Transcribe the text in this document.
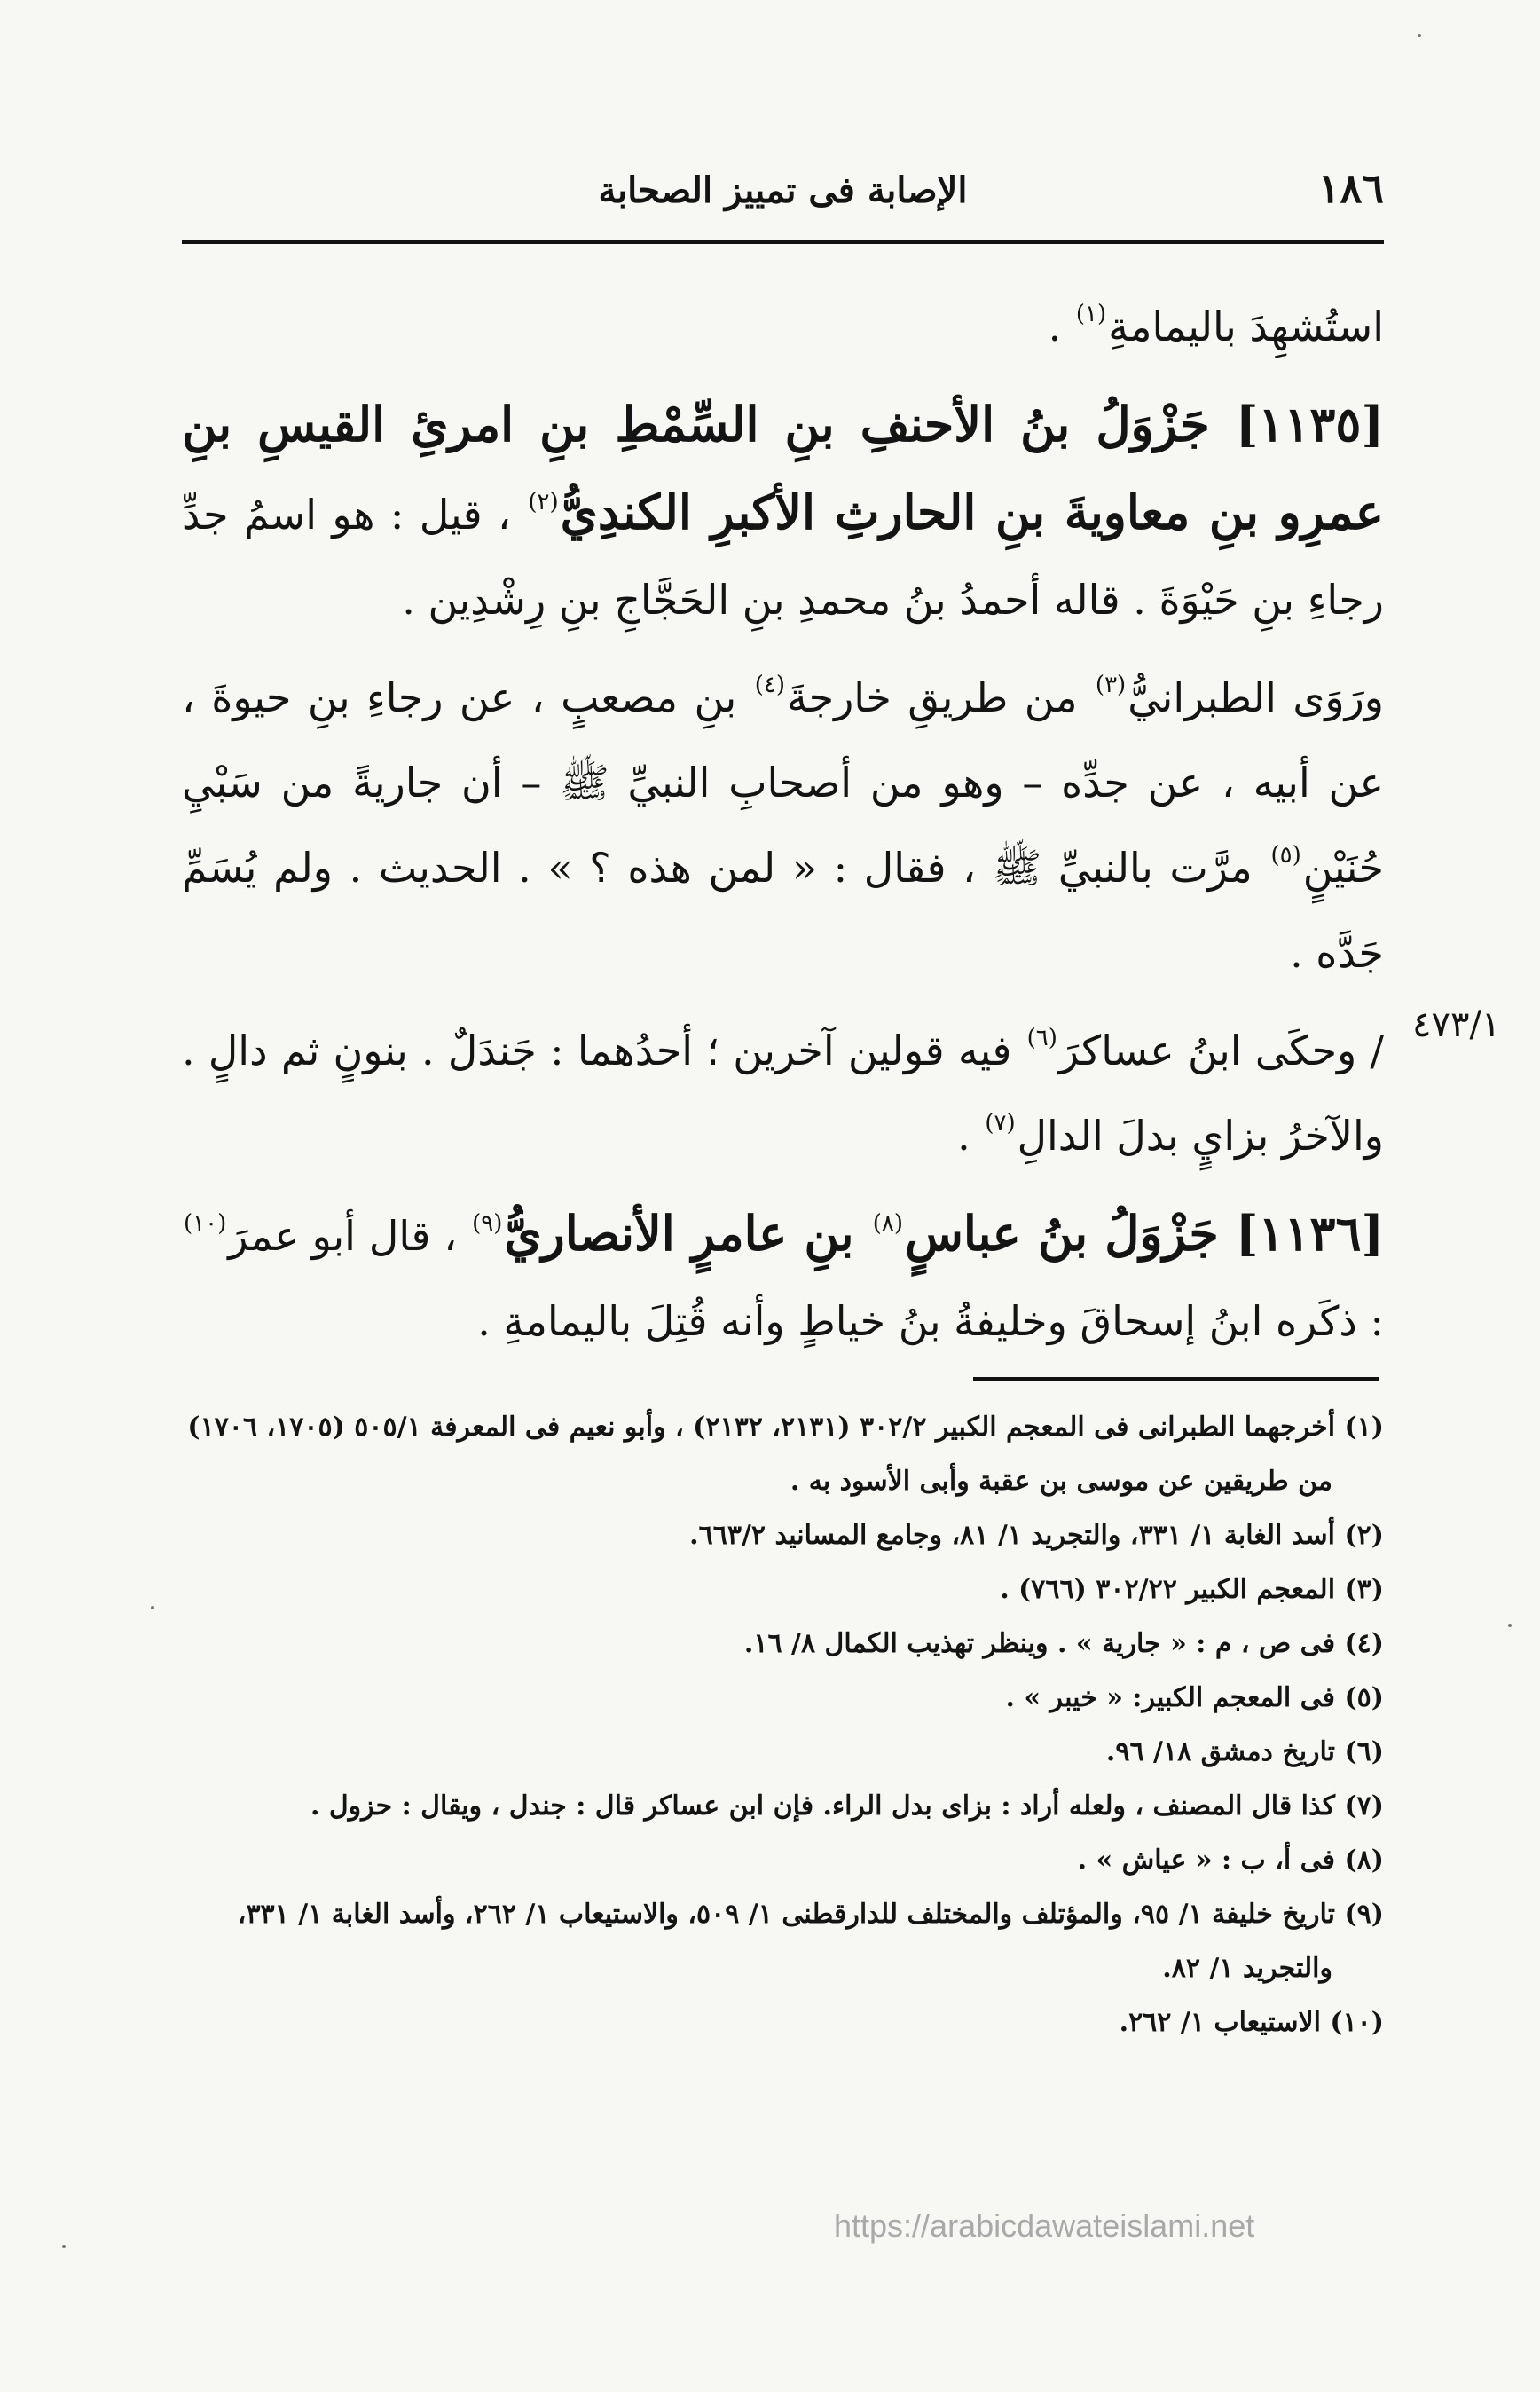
١٨٦
الإصابة فى تمييز الصحابة

استُشهِدَ باليمامةِ$^{(١)}$ .

[١١٣٥] جَزْوَلُ بنُ الأحنفِ بنِ السِّمْطِ بنِ امرئِ القيسِ بنِ عمرِو بنِ معاويةَ بنِ الحارثِ الأكبرِ الكندِيُّ$^{(٢)}$ ، قيل : هو اسمُ جدِّ رجاءِ بنِ حَيْوَةَ . قاله أحمدُ بنُ محمدِ بنِ الحَجَّاجِ بنِ رِشْدِين .

ورَوَى الطبرانيُّ$^{(٣)}$ من طريقِ خارجةَ$^{(٤)}$ بنِ مصعبٍ ، عن رجاءِ بنِ حيوةَ ، عن أبيه ، عن جدِّه – وهو من أصحابِ النبيِّ ﷺ – أن جاريةً من سَبْيِ حُنَيْنٍ$^{(٥)}$ مرَّت بالنبيِّ ﷺ ، فقال : « لمن هذه ؟ » . الحديث . ولم يُسَمِّ جَدَّه .

/ وحكَى ابنُ عساكرَ$^{(٦)}$ فيه قولين آخرين ؛ أحدُهما : جَندَلٌ . بنونٍ ثم دالٍ . والآخرُ بزايٍ بدلَ الدالِ$^{(٧)}$ .

[١١٣٦] جَزْوَلُ بنُ عباسٍ$^{(٨)}$ بنِ عامرٍ الأنصاريُّ$^{(٩)}$ ، قال أبو عمرَ$^{(١٠)}$ : ذكَره ابنُ إسحاقَ وخليفةُ بنُ خياطٍ وأنه قُتِلَ باليمامةِ .

٤٧٣/١

(١) أخرجهما الطبرانى فى المعجم الكبير ٣٠٢/٢ (٢١٣١، ٢١٣٢) ، وأبو نعيم فى المعرفة ٥٠٥/١ (١٧٠٥، ١٧٠٦) من طريقين عن موسى بن عقبة وأبى الأسود به .

(٢) أسد الغابة ١/ ٣٣١، والتجريد ١/ ٨١، وجامع المسانيد ٦٦٣/٢.

(٣) المعجم الكبير ٣٠٢/٢٢ (٧٦٦) .

(٤) فى ص ، م : « جارية » . وينظر تهذيب الكمال ٨/ ١٦.

(٥) فى المعجم الكبير: « خيبر » .

(٦) تاريخ دمشق ١٨/ ٩٦.

(٧) كذا قال المصنف ، ولعله أراد : بزاى بدل الراء. فإن ابن عساكر قال : جندل ، ويقال : حزول .

(٨) فى أ، ب : « عياش » .

(٩) تاريخ خليفة ١/ ٩٥، والمؤتلف والمختلف للدارقطنى ١/ ٥٠٩، والاستيعاب ١/ ٢٦٢، وأسد الغابة ١/ ٣٣١، والتجريد ١/ ٨٢.

(١٠) الاستيعاب ١/ ٢٦٢.

https://arabicdawateislami.net
